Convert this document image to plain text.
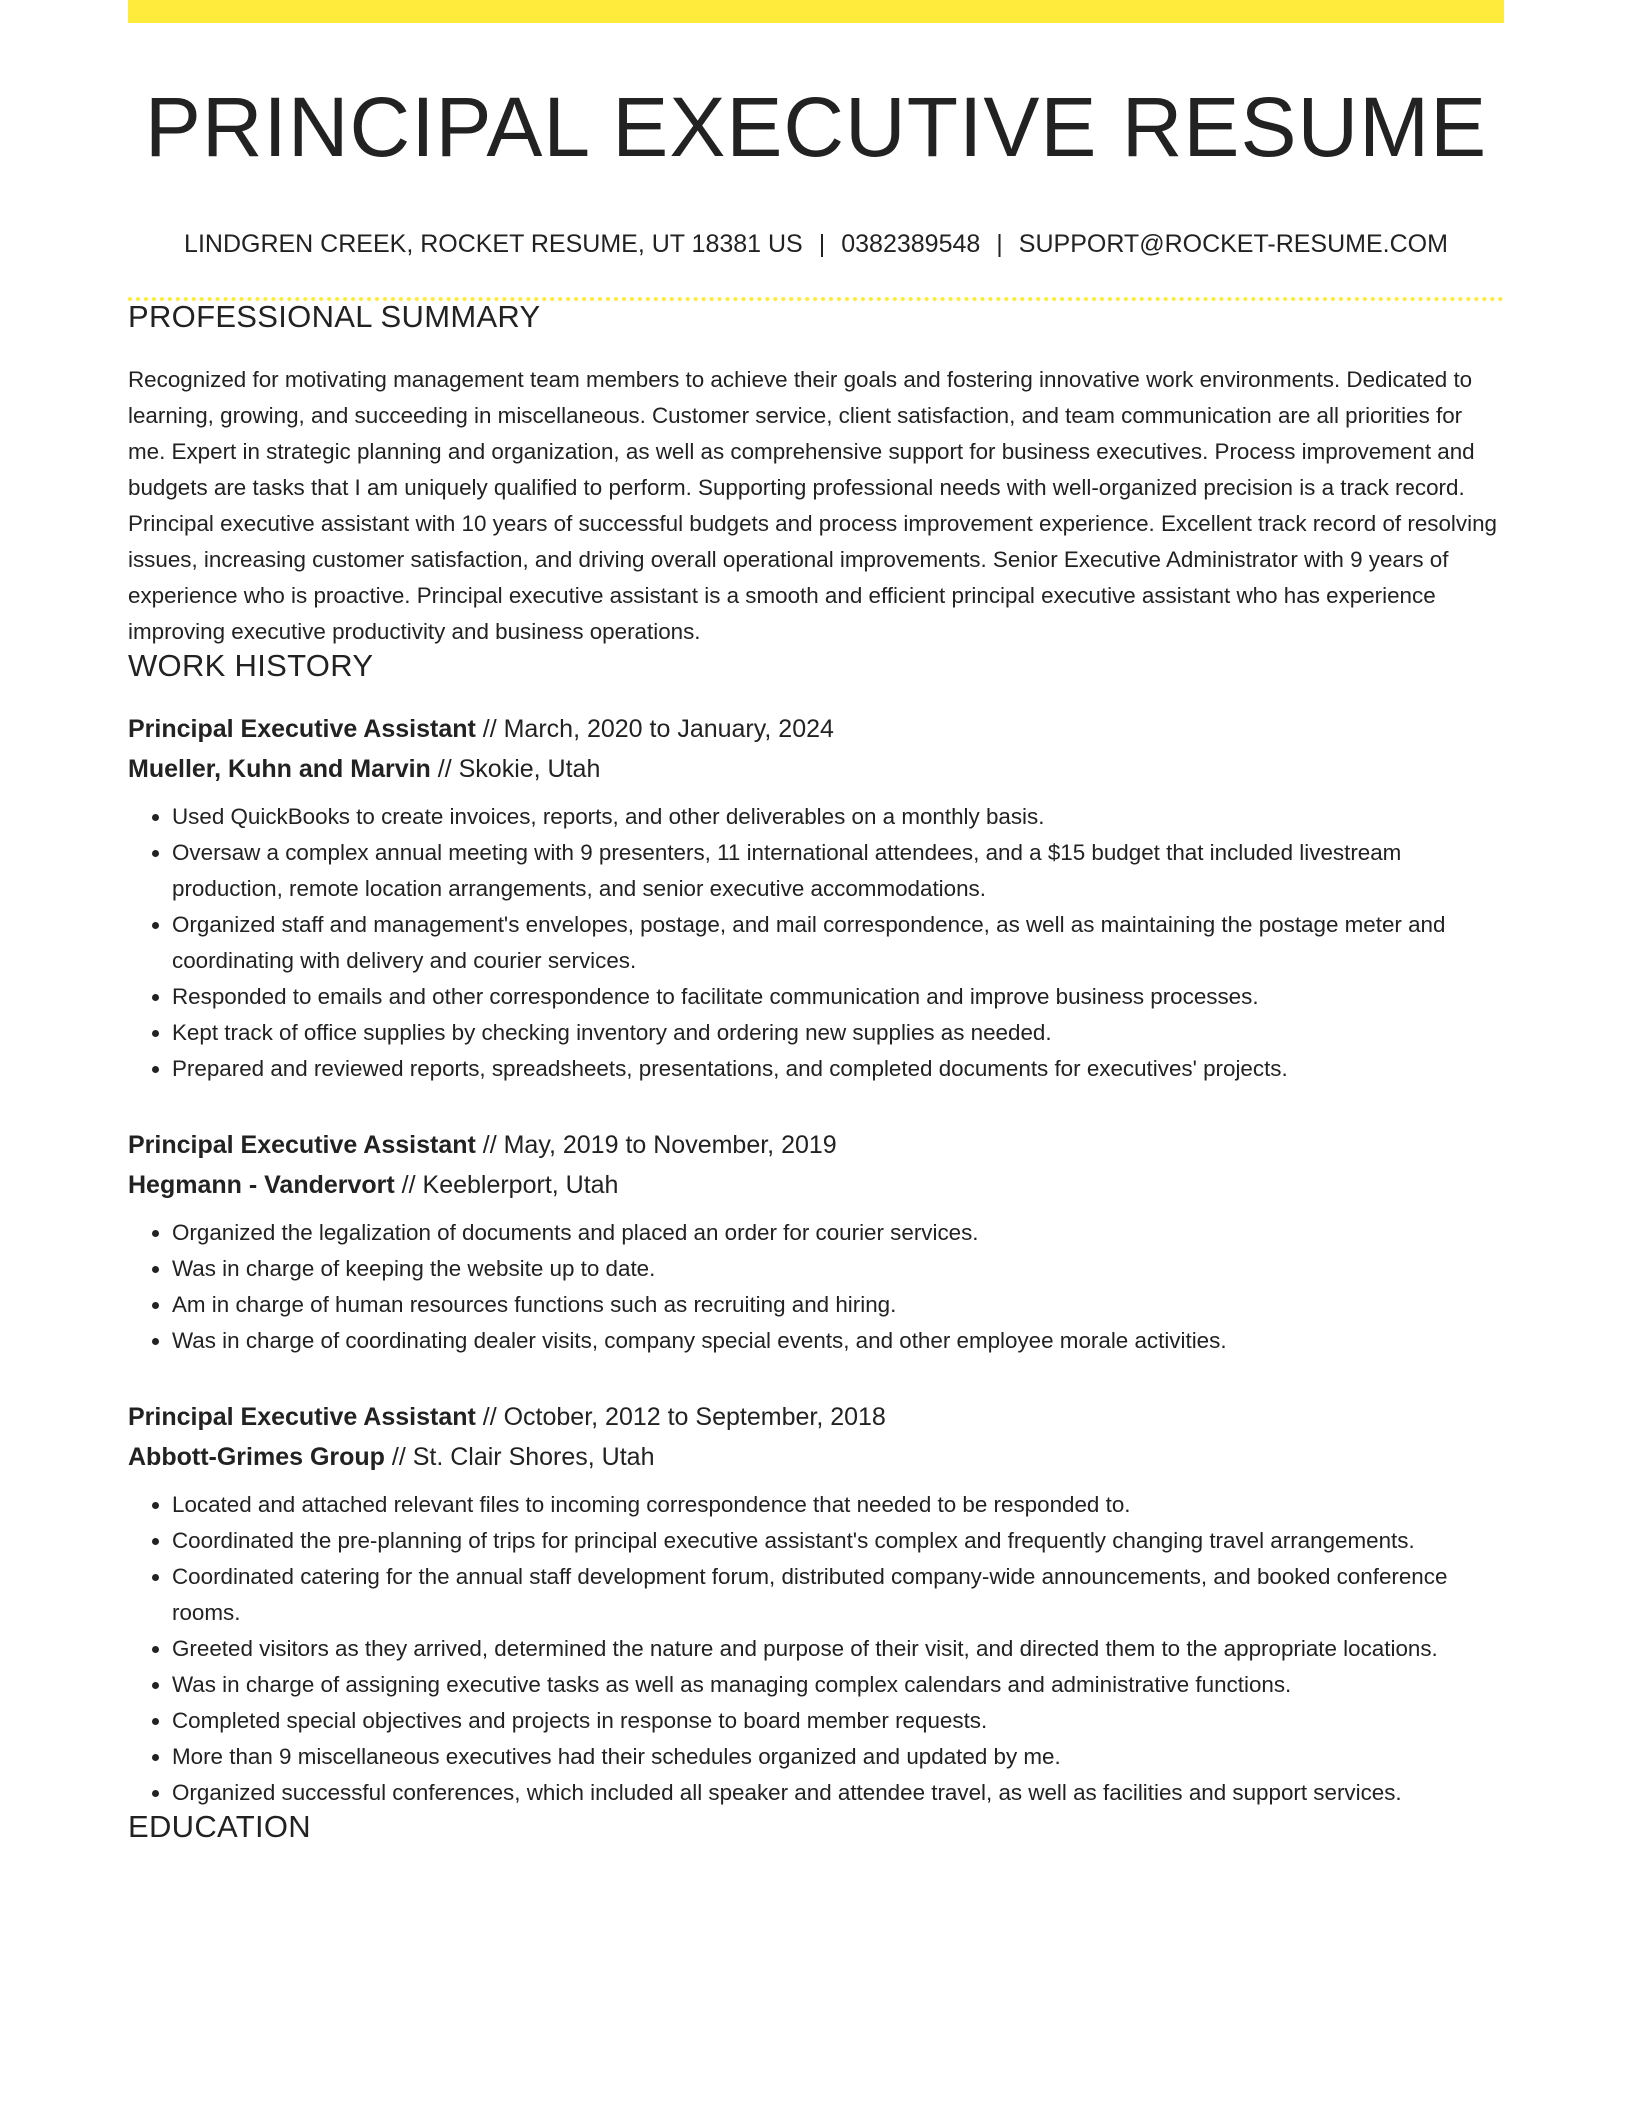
PRINCIPAL EXECUTIVE RESUME
LINDGREN CREEK, ROCKET RESUME, UT 18381 US | 0382389548 | SUPPORT@ROCKET-RESUME.COM
PROFESSIONAL SUMMARY

Recognized for motivating management team members to achieve their goals and fostering innovative work environments. Dedicated to learning, growing, and succeeding in miscellaneous. Customer service, client satisfaction, and team communication are all priorities for me. Expert in strategic planning and organization, as well as comprehensive support for business executives. Process improvement and budgets are tasks that I am uniquely qualified to perform. Supporting professional needs with well-organized precision is a track record. Principal executive assistant with 10 years of successful budgets and process improvement experience. Excellent track record of resolving issues, increasing customer satisfaction, and driving overall operational improvements. Senior Executive Administrator with 9 years of experience who is proactive. Principal executive assistant is a smooth and efficient principal executive assistant who has experience improving executive productivity and business operations.

WORK HISTORY
Principal Executive Assistant // March, 2020 to January, 2024
Mueller, Kuhn and Marvin // Skokie, Utah
• Used QuickBooks to create invoices, reports, and other deliverables on a monthly basis.
• Oversaw a complex annual meeting with 9 presenters, 11 international attendees, and a $15 budget that included livestream production, remote location arrangements, and senior executive accommodations.
• Organized staff and management's envelopes, postage, and mail correspondence, as well as maintaining the postage meter and coordinating with delivery and courier services.
• Responded to emails and other correspondence to facilitate communication and improve business processes.
• Kept track of office supplies by checking inventory and ordering new supplies as needed.
• Prepared and reviewed reports, spreadsheets, presentations, and completed documents for executives' projects.
Principal Executive Assistant // May, 2019 to November, 2019
Hegmann - Vandervort // Keeblerport, Utah
• Organized the legalization of documents and placed an order for courier services.
• Was in charge of keeping the website up to date.
• Am in charge of human resources functions such as recruiting and hiring.
• Was in charge of coordinating dealer visits, company special events, and other employee morale activities.
Principal Executive Assistant // October, 2012 to September, 2018
Abbott-Grimes Group // St. Clair Shores, Utah
• Located and attached relevant files to incoming correspondence that needed to be responded to.
• Coordinated the pre-planning of trips for principal executive assistant's complex and frequently changing travel arrangements.
• Coordinated catering for the annual staff development forum, distributed company-wide announcements, and booked conference rooms.
• Greeted visitors as they arrived, determined the nature and purpose of their visit, and directed them to the appropriate locations.
• Was in charge of assigning executive tasks as well as managing complex calendars and administrative functions.
• Completed special objectives and projects in response to board member requests.
• More than 9 miscellaneous executives had their schedules organized and updated by me.
• Organized successful conferences, which included all speaker and attendee travel, as well as facilities and support services.
EDUCATION
